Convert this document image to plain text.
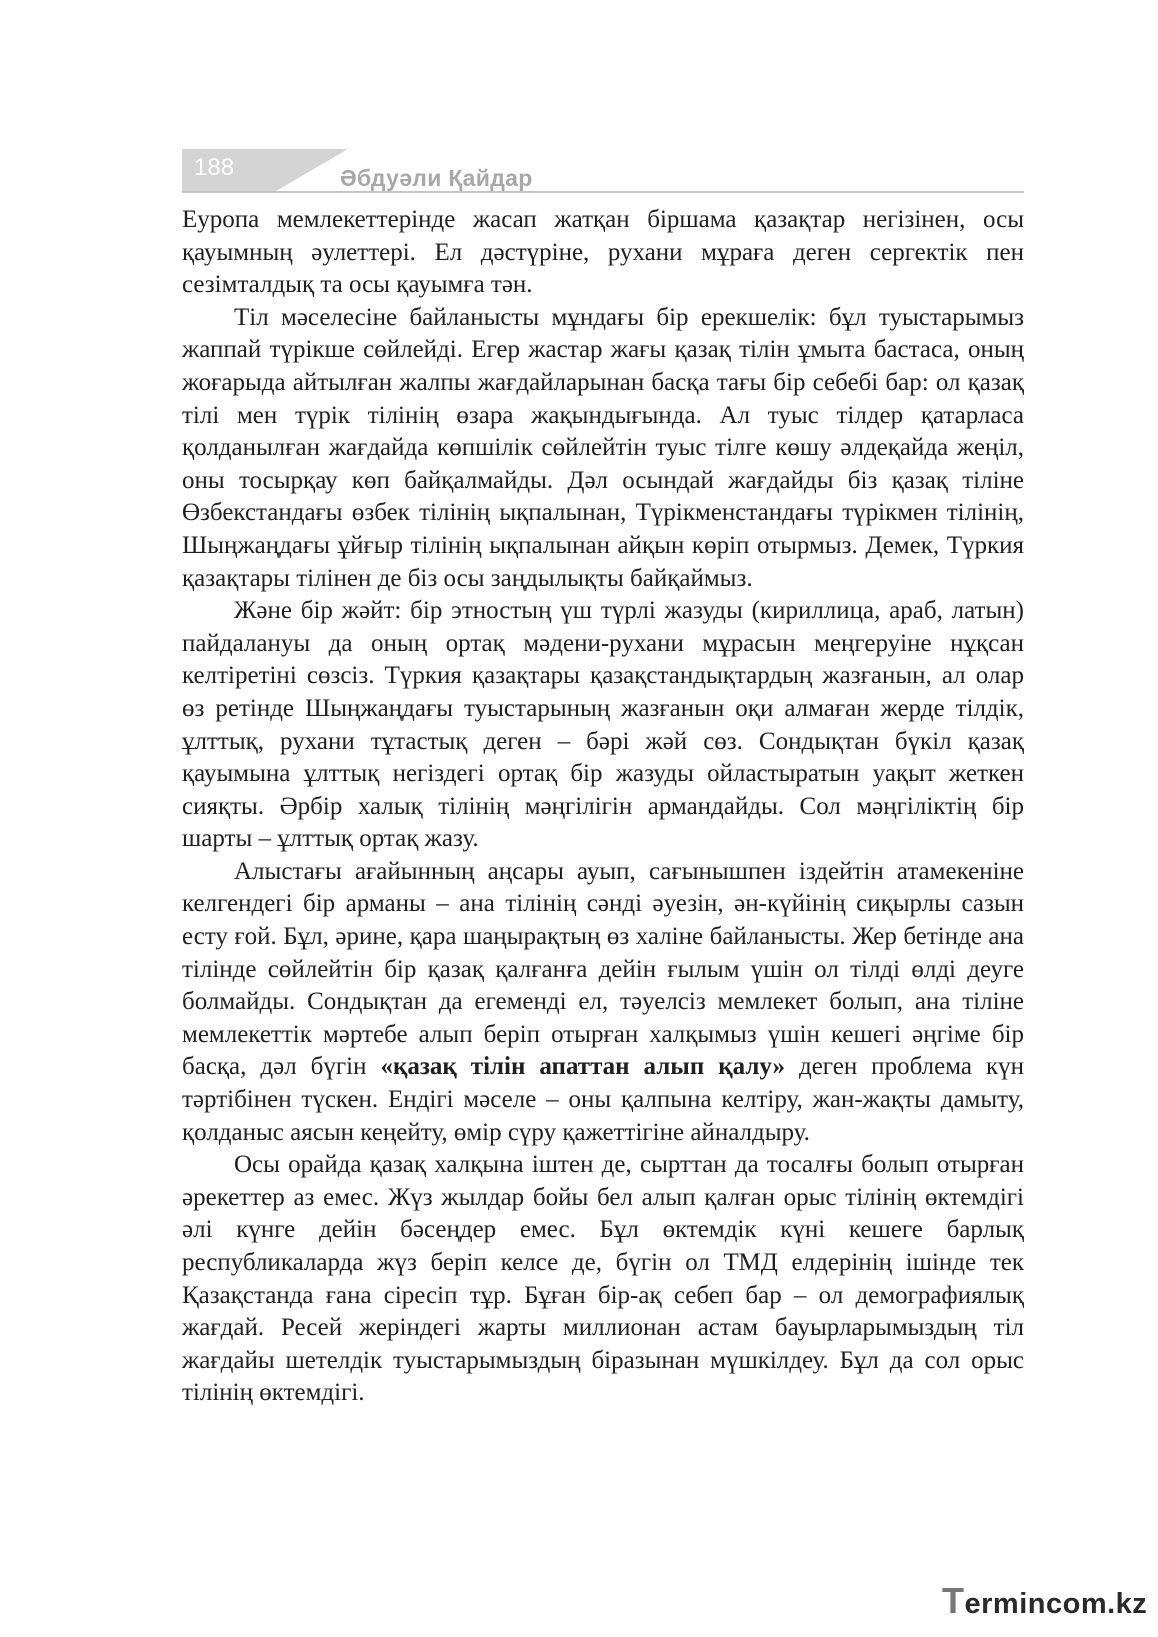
188	Әбдуәли Қайдар

Еуропа мемлекеттерінде жасап жатқан біршама қазақтар негізінен, осы қауымның әулеттері. Ел дәстүріне, рухани мұраға деген сергектік пен сезімталдық та осы қауымға тән.

Тіл мәселесіне байланысты мұндағы бір ерекшелік: бұл туыстарымыз жаппай түрікше сөйлейді. Егер жастар жағы қазақ тілін ұмыта бастаса, оның жоғарыда айтылған жалпы жағдайларынан басқа тағы бір себебі бар: ол қазақ тілі мен түрік тілінің өзара жақындығында. Ал туыс тілдер қатарласа қолданылған жағдайда көпшілік сөйлейтін туыс тілге көшу әлдеқайда жеңіл, оны тосырқау көп байқалмайды. Дәл осындай жағдайды біз қазақ тіліне Өзбекстандағы өзбек тілінің ықпалынан, Түрікменстандағы түрікмен тілінің, Шыңжаңдағы ұйғыр тілінің ықпалынан айқын көріп отырмыз. Демек, Түркия қазақтары тілінен де біз осы заңдылықты байқаймыз.

Және бір жәйт: бір этностың үш түрлі жазуды (кириллица, араб, латын) пайдалануы да оның ортақ мәдени-рухани мұрасын меңгеруіне нұқсан келтіретіні сөзсіз. Түркия қазақтары қазақстандықтардың жазғанын, ал олар өз ретінде Шыңжаңдағы туыстарының жазғанын оқи алмаған жерде тілдік, ұлттық, рухани тұтастық деген – бәрі жәй сөз. Сондықтан бүкіл қазақ қауымына ұлттық негіздегі ортақ бір жазуды ойластыратын уақыт жеткен сияқты. Әрбір халық тілінің мәңгілігін армандайды. Сол мәңгіліктің бір шарты – ұлттық ортақ жазу.

Алыстағы ағайынның аңсары ауып, сағынышпен іздейтін атамекеніне келгендегі бір арманы – ана тілінің сәнді әуезін, ән-күйінің сиқырлы сазын есту ғой. Бұл, әрине, қара шаңырақтың өз халіне байланысты. Жер бетінде ана тілінде сөйлейтін бір қазақ қалғанға дейін ғылым үшін ол тілді өлді деуге болмайды. Сондықтан да егеменді ел, тәуелсіз мемлекет болып, ана тіліне мемлекеттік мәртебе алып беріп отырған халқымыз үшін кешегі әңгіме бір басқа, дәл бүгін «қазақ тілін апаттан алып қалу» деген проблема күн тәртібінен түскен. Ендігі мәселе – оны қалпына келтіру, жан-жақты дамыту, қолданыс аясын кеңейту, өмір сүру қажеттігіне айналдыру.

Осы орайда қазақ халқына іштен де, сырттан да тосалғы болып отырған әрекеттер аз емес. Жүз жылдар бойы бел алып қалған орыс тілінің өктемдігі әлі күнге дейін бәсеңдер емес. Бұл өктемдік күні кешеге барлық республикаларда жүз беріп келсе де, бүгін ол ТМД елдерінің ішінде тек Қазақстанда ғана сіресіп тұр. Бұған бір-ақ себеп бар – ол демографиялық жағдай. Ресей жеріндегі жарты миллионан астам бауырларымыздың тіл жағдайы шетелдік туыстарымыздың біразынан мүшкілдеу. Бұл да сол орыс тілінің өктемдігі.

Termincom.kz
